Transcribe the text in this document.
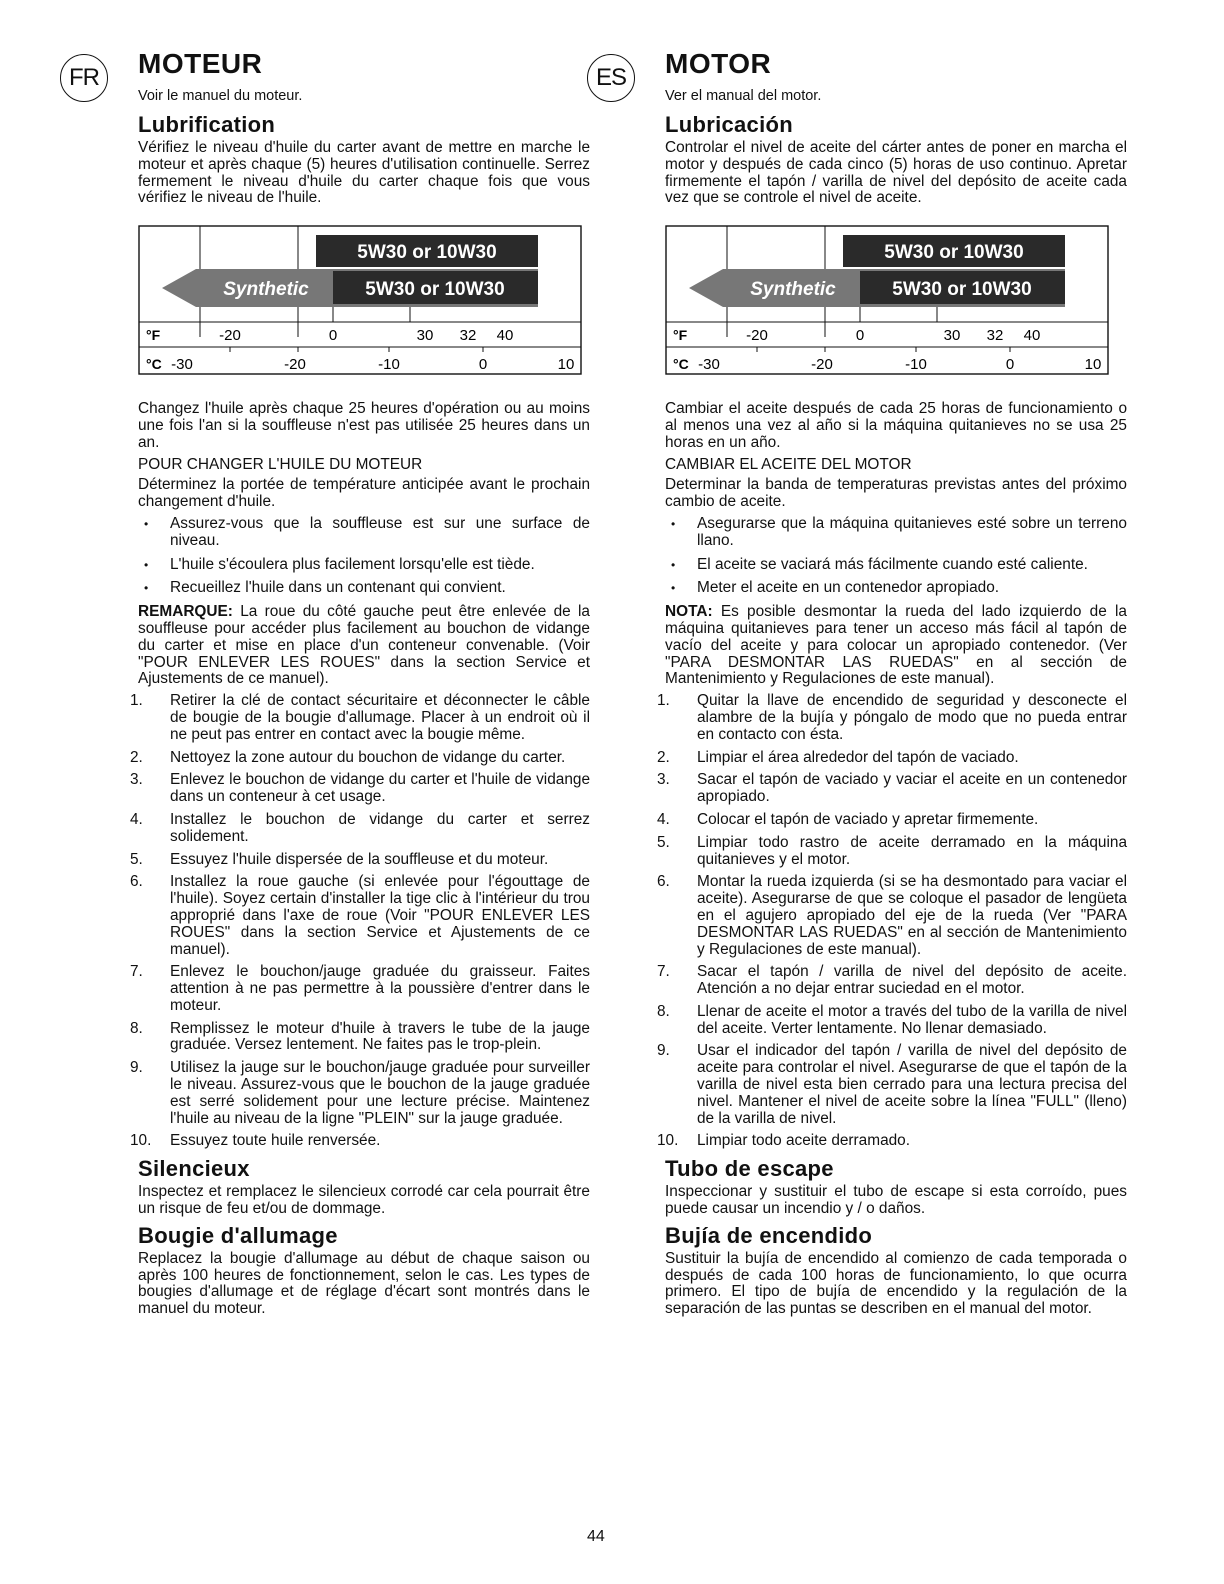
FR	MOTEUR
Voir le manuel du moteur.
Lubrification

Vérifiez le niveau d'huile du carter avant de mettre en marche le moteur et après chaque (5) heures d'utilisation continuelle. Serrez fermement le niveau d'huile du carter chaque fois que vous vérifiez le niveau de l'huile.

5W30 or 10W30
Synthetic	5W30 or 10W30
°F	-20	0	30 32 40
°C -30	-20	-10	0	10

Changez l'huile après chaque 25 heures d'opération ou au moins une fois l'an si la souffleuse n'est pas utilisée 25 heures dans un an.

POUR CHANGER L'HUILE DU MOTEUR

Déterminez la portée de température anticipée avant le prochain changement d'huile.

• Assurez-vous que la souffleuse est sur une surface de niveau.
• L'huile s'écoulera plus facilement lorsqu'elle est tiède.
• Recueillez l'huile dans un contenant qui convient.

REMARQUE: La roue du côté gauche peut être enlevée de la souffleuse pour accéder plus facilement au bouchon de vidange du carter et mise en place d'un conteneur convenable. (Voir "POUR ENLEVER LES ROUES" dans la section Service et Ajustements de ce manuel).

1. Retirer la clé de contact sécuritaire et déconnecter le câble de bougie de la bougie d'allumage. Placer à un endroit où il ne peut pas entrer en contact avec la bougie même.
2. Nettoyez la zone autour du bouchon de vidange du carter.
3. Enlevez le bouchon de vidange du carter et l'huile de vidange dans un conteneur à cet usage.
4. Installez le bouchon de vidange du carter et serrez solidement.
5. Essuyez l'huile dispersée de la souffleuse et du moteur.
6. Installez la roue gauche (si enlevée pour l'égouttage de l'huile). Soyez certain d'installer la tige clic à l'intérieur du trou approprié dans l'axe de roue (Voir "POUR ENLEVER LES ROUES" dans la section Service et Ajustements de ce manuel).
7. Enlevez le bouchon/jauge graduée du graisseur. Faites attention à ne pas permettre à la poussière d'entrer dans le moteur.
8. Remplissez le moteur d'huile à travers le tube de la jauge graduée. Versez lentement. Ne faites pas le trop-plein.
9. Utilisez la jauge sur le bouchon/jauge graduée pour surveiller le niveau. Assurez-vous que le bouchon de la jauge graduée est serré solidement pour une lecture précise. Maintenez l'huile au niveau de la ligne "PLEIN" sur la jauge graduée.
10. Essuyez toute huile renversée.
Silencieux

Inspectez et remplacez le silencieux corrodé car cela pourrait être un risque de feu et/ou de dommage.

Bougie d'allumage

Replacez la bougie d'allumage au début de chaque saison ou après 100 heures de fonctionnement, selon le cas. Les types de bougies d'allumage et de réglage d'écart sont montrés dans le manuel du moteur.

ES	MOTOR
Ver el manual del motor.
Lubricación

Controlar el nivel de aceite del cárter antes de poner en marcha el motor y después de cada cinco (5) horas de uso continuo. Apretar firmemente el tapón / varilla de nivel del depósito de aceite cada vez que se controle el nivel de aceite.

5W30 or 10W30
Synthetic	5W30 or 10W30
°F	-20	0	30 32 40
°C -30	-20	-10	0	10

Cambiar el aceite después de cada 25 horas de funcionamiento o al menos una vez al año si la máquina quitanieves no se usa 25 horas en un año.

CAMBIAR EL ACEITE DEL MOTOR

Determinar la banda de temperaturas previstas antes del próximo cambio de aceite.

• Asegurarse que la máquina quitanieves esté sobre un terreno llano.
• El aceite se vaciará más fácilmente cuando esté caliente.
• Meter el aceite en un contenedor apropiado.

NOTA: Es posible desmontar la rueda del lado izquierdo de la máquina quitanieves para tener un acceso más fácil al tapón de vacío del aceite y para colocar un apropiado contenedor. (Ver "PARA DESMONTAR LAS RUEDAS" en al sección de Mantenimiento y Regulaciones de este manual).

1. Quitar la llave de encendido de seguridad y desconecte el alambre de la bujía y póngalo de modo que no pueda entrar en contacto con ésta.
2. Limpiar el área alrededor del tapón de vaciado.
3. Sacar el tapón de vaciado y vaciar el aceite en un contenedor apropiado.
4. Colocar el tapón de vaciado y apretar firmemente.
5. Limpiar todo rastro de aceite derramado en la máquina quitanieves y el motor.
6. Montar la rueda izquierda (si se ha desmontado para vaciar el aceite). Asegurarse de que se coloque el pasador de lengüeta en el agujero apropiado del eje de la rueda (Ver "PARA DESMONTAR LAS RUEDAS" en al sección de Mantenimiento y Regulaciones de este manual).
7. Sacar el tapón / varilla de nivel del depósito de aceite. Atención a no dejar entrar suciedad en el motor.
8. Llenar de aceite el motor a través del tubo de la varilla de nivel del aceite. Verter lentamente. No llenar demasiado.
9. Usar el indicador del tapón / varilla de nivel del depósito de aceite para controlar el nivel. Asegurarse de que el tapón de la varilla de nivel esta bien cerrado para una lectura precisa del nivel. Mantener el nivel de aceite sobre la línea "FULL" (lleno) de la varilla de nivel.
10. Limpiar todo aceite derramado.
Tubo de escape

Inspeccionar y sustituir el tubo de escape si esta corroído, pues puede causar un incendio y / o daños.

Bujía de encendido

Sustituir la bujía de encendido al comienzo de cada temporada o después de cada 100 horas de funcionamiento, lo que ocurra primero. El tipo de bujía de encendido y la regulación de la separación de las puntas se describen en el manual del motor.

44
